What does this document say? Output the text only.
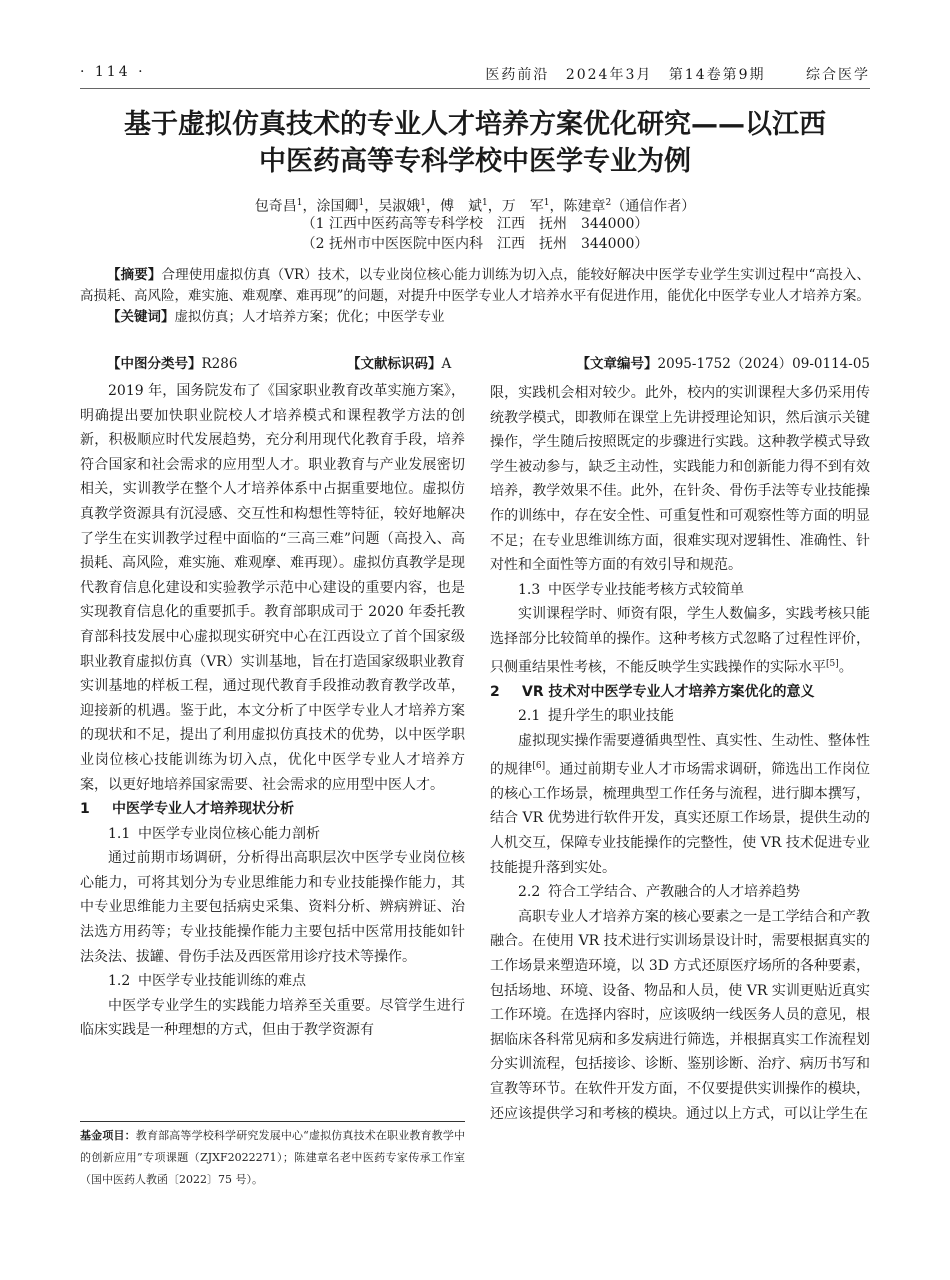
· 114 ·	医药前沿 2024年3月 第14卷第9期	综合医学
基于虚拟仿真技术的专业人才培养方案优化研究——以江西
中医药高等专科学校中医学专业为例
包奇昌$^1$，涂国卿$^1$，吴淑娥$^1$，傅　斌$^1$，万　军$^1$，陈建章$^2$（通信作者）
（1 江西中医药高等专科学校　江西　抚州　344000）
（2 抚州市中医医院中医内科　江西　抚州　344000）
【摘要】合理使用虚拟仿真（VR）技术，以专业岗位核心能力训练为切入点，能较好解决中医学专业学生实训过程中“高投入、高损耗、高风险，难实施、难观摩、难再现”的问题，对提升中医学专业人才培养水平有促进作用，能优化中医学专业人才培养方案。
【关键词】虚拟仿真；人才培养方案；优化；中医学专业
【中图分类号】R286	【文献标识码】A	【文章编号】2095-1752（2024）09-0114-05

2019 年，国务院发布了《国家职业教育改革实施方案》，明确提出要加快职业院校人才培养模式和课程教学方法的创新，积极顺应时代发展趋势，充分利用现代化教育手段，培养符合国家和社会需求的应用型人才。职业教育与产业发展密切相关，实训教学在整个人才培养体系中占据重要地位。虚拟仿真教学资源具有沉浸感、交互性和构想性等特征，较好地解决了学生在实训教学过程中面临的“三高三难”问题（高投入、高损耗、高风险，难实施、难观摩、难再现）。虚拟仿真教学是现代教育信息化建设和实验教学示范中心建设的重要内容，也是实现教育信息化的重要抓手。教育部职成司于 2020 年委托教育部科技发展中心虚拟现实研究中心在江西设立了首个国家级职业教育虚拟仿真（VR）实训基地，旨在打造国家级职业教育实训基地的样板工程，通过现代教育手段推动教育教学改革，迎接新的机遇。鉴于此，本文分析了中医学专业人才培养方案的现状和不足，提出了利用虚拟仿真技术的优势，以中医学职业岗位核心技能训练为切入点，优化中医学专业人才培养方案，以更好地培养国家需要、社会需求的应用型中医人才。

1 中医学专业人才培养现状分析
1.1 中医学专业岗位核心能力剖析

通过前期市场调研，分析得出高职层次中医学专业岗位核心能力，可将其划分为专业思维能力和专业技能操作能力，其中专业思维能力主要包括病史采集、资料分析、辨病辨证、治法选方用药等；专业技能操作能力主要包括中医常用技能如针法灸法、拔罐、骨伤手法及西医常用诊疗技术等操作。

1.2 中医学专业技能训练的难点

中医学专业学生的实践能力培养至关重要。尽管学生进行临床实践是一种理想的方式，但由于教学资源有

限，实践机会相对较少。此外，校内的实训课程大多仍采用传统教学模式，即教师在课堂上先讲授理论知识，然后演示关键操作，学生随后按照既定的步骤进行实践。这种教学模式导致学生被动参与，缺乏主动性，实践能力和创新能力得不到有效培养，教学效果不佳。此外，在针灸、骨伤手法等专业技能操作的训练中，存在安全性、可重复性和可观察性等方面的明显不足；在专业思维训练方面，很难实现对逻辑性、准确性、针对性和全面性等方面的有效引导和规范。

1.3 中医学专业技能考核方式较简单

实训课程学时、师资有限，学生人数偏多，实践考核只能选择部分比较简单的操作。这种考核方式忽略了过程性评价，只侧重结果性考核，不能反映学生实践操作的实际水平[5]。

2 VR 技术对中医学专业人才培养方案优化的意义
2.1 提升学生的职业技能

虚拟现实操作需要遵循典型性、真实性、生动性、整体性的规律[6]。通过前期专业人才市场需求调研，筛选出工作岗位的核心工作场景，梳理典型工作任务与流程，进行脚本撰写，结合 VR 优势进行软件开发，真实还原工作场景，提供生动的人机交互，保障专业技能操作的完整性，使 VR 技术促进专业技能提升落到实处。

2.2 符合工学结合、产教融合的人才培养趋势

高职专业人才培养方案的核心要素之一是工学结合和产教融合。在使用 VR 技术进行实训场景设计时，需要根据真实的工作场景来塑造环境，以 3D 方式还原医疗场所的各种要素，包括场地、环境、设备、物品和人员，使 VR 实训更贴近真实工作环境。在选择内容时，应该吸纳一线医务人员的意见，根据临床各科常见病和多发病进行筛选，并根据真实工作流程划分实训流程，包括接诊、诊断、鉴别诊断、治疗、病历书写和宣教等环节。在软件开发方面，不仅要提供实训操作的模块，还应该提供学习和考核的模块。通过以上方式，可以让学生在

基金项目：教育部高等学校科学研究发展中心“虚拟仿真技术在职业教育教学中的创新应用”专项课题（ZJXF2022271）；陈建章名老中医药专家传承工作室（国中医药人教函〔2022〕75 号）。
